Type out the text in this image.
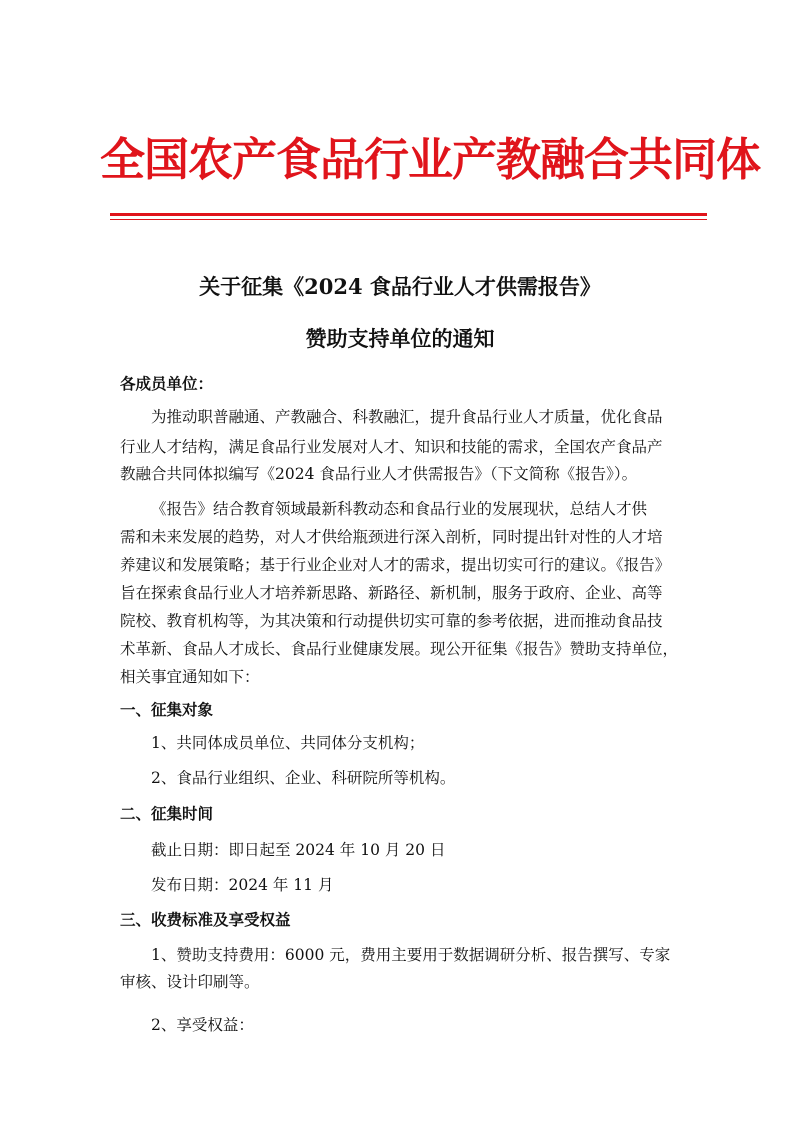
全国农产食品行业产教融合共同体
关于征集《2024 食品行业人才供需报告》
赞助支持单位的通知
各成员单位：
为推动职普融通、产教融合、科教融汇，提升食品行业人才质量，优化食品
行业人才结构，满足食品行业发展对人才、知识和技能的需求，全国农产食品产
教融合共同体拟编写《2024 食品行业人才供需报告》（下文简称《报告》）。
《报告》结合教育领域最新科教动态和食品行业的发展现状，总结人才供
需和未来发展的趋势，对人才供给瓶颈进行深入剖析，同时提出针对性的人才培
养建议和发展策略；基于行业企业对人才的需求，提出切实可行的建议。《报告》
旨在探索食品行业人才培养新思路、新路径、新机制，服务于政府、企业、高等
院校、教育机构等，为其决策和行动提供切实可靠的参考依据，进而推动食品技
术革新、食品人才成长、食品行业健康发展。现公开征集《报告》赞助支持单位，
相关事宜通知如下：
一、征集对象
1、共同体成员单位、共同体分支机构；
2、食品行业组织、企业、科研院所等机构。
二、征集时间
截止日期：即日起至 2024 年 10 月 20 日
发布日期：2024 年 11 月
三、收费标准及享受权益
1、赞助支持费用：6000 元，费用主要用于数据调研分析、报告撰写、专家
审核、设计印刷等。
2、享受权益：
